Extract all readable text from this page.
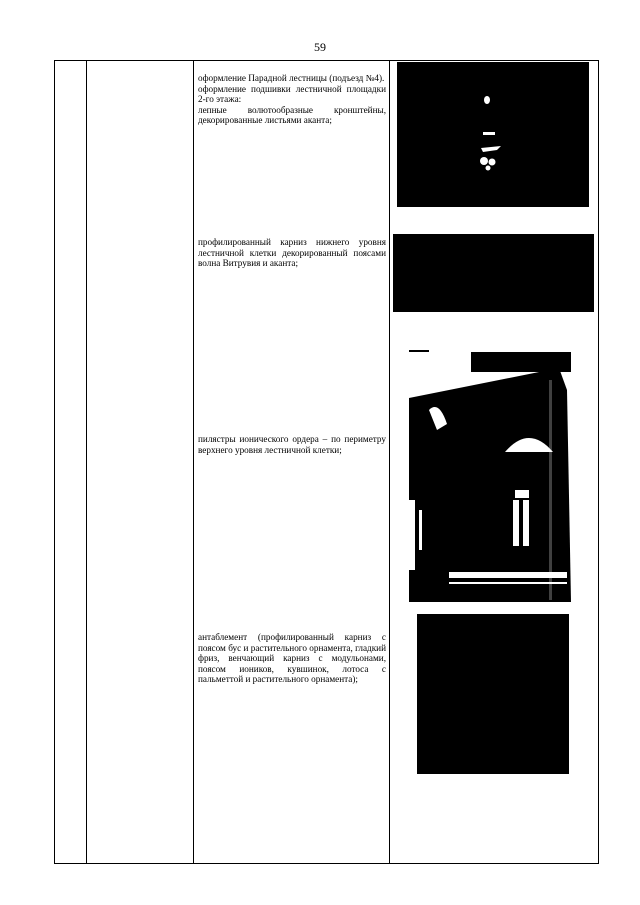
59

оформление Парадной лестницы (подъезд №4).

оформление подшивки лестничной площадки 2-го этажа:

лепные волютообразные кронштейны, декорированные листьями аканта;

профилированный карниз нижнего уровня лестничной клетки декорированный поясами волна Витрувия и аканта;

пилястры ионического ордера – по периметру верхнего уровня лестничной клетки;

антаблемент (профилированный карниз с поясом бус и растительного орнамента, гладкий фриз, венчающий карниз с модульонами, поясом иоников, кувшинок, лотоса с пальметтой и растительного орнамента);
